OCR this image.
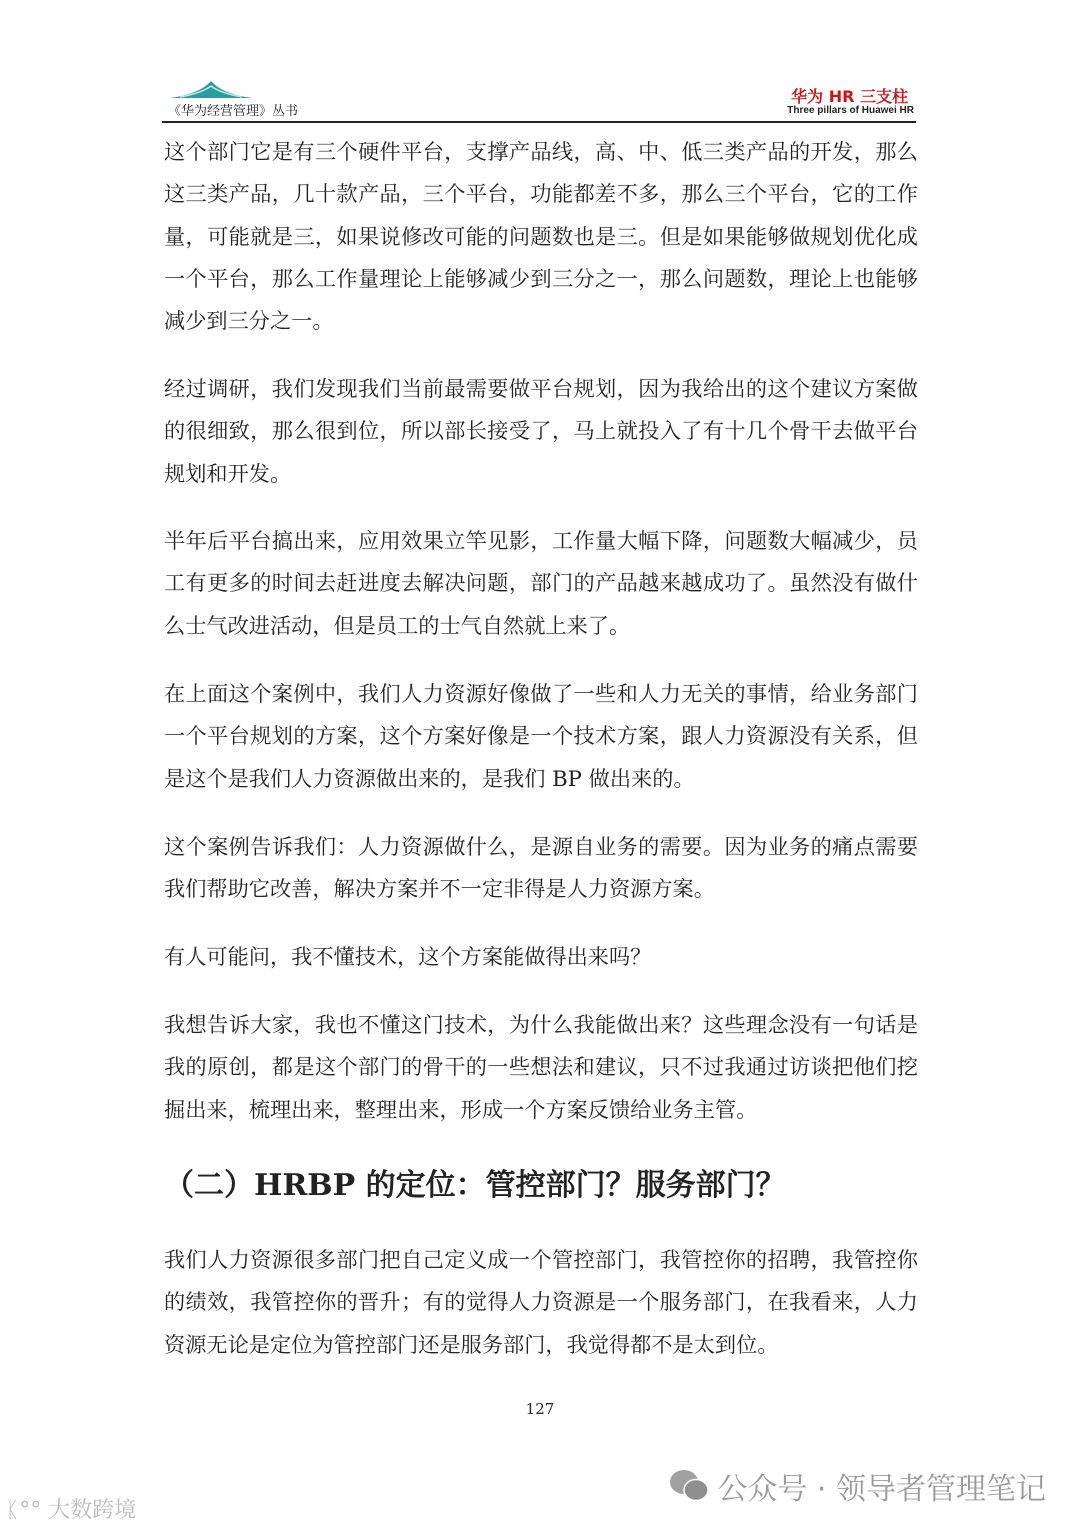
《华为经营管理》丛书
华为 HR 三支柱
Three pillars of Huawei HR
这个部门它是有三个硬件平台，支撑产品线，高、中、低三类产品的开发，那么
这三类产品，几十款产品，三个平台，功能都差不多，那么三个平台，它的工作
量，可能就是三，如果说修改可能的问题数也是三。但是如果能够做规划优化成
一个平台，那么工作量理论上能够减少到三分之一，那么问题数，理论上也能够
减少到三分之一。
经过调研，我们发现我们当前最需要做平台规划，因为我给出的这个建议方案做
的很细致，那么很到位，所以部长接受了，马上就投入了有十几个骨干去做平台
规划和开发。
半年后平台搞出来，应用效果立竿见影，工作量大幅下降，问题数大幅减少，员
工有更多的时间去赶进度去解决问题，部门的产品越来越成功了。虽然没有做什
么士气改进活动，但是员工的士气自然就上来了。
在上面这个案例中，我们人力资源好像做了一些和人力无关的事情，给业务部门
一个平台规划的方案，这个方案好像是一个技术方案，跟人力资源没有关系，但
是这个是我们人力资源做出来的，是我们 BP 做出来的。
这个案例告诉我们：人力资源做什么，是源自业务的需要。因为业务的痛点需要
我们帮助它改善，解决方案并不一定非得是人力资源方案。
有人可能问，我不懂技术，这个方案能做得出来吗？
我想告诉大家，我也不懂这门技术，为什么我能做出来？这些理念没有一句话是
我的原创，都是这个部门的骨干的一些想法和建议，只不过我通过访谈把他们挖
掘出来，梳理出来，整理出来，形成一个方案反馈给业务主管。
我们人力资源很多部门把自己定义成一个管控部门，我管控你的招聘，我管控你
的绩效，我管控你的晋升；有的觉得人力资源是一个服务部门，在我看来，人力
资源无论是定位为管控部门还是服务部门，我觉得都不是太到位。
（二）HRBP 的定位：管控部门？服务部门？
127
公众号 · 领导者管理笔记
ᛕ°° 大数跨境
